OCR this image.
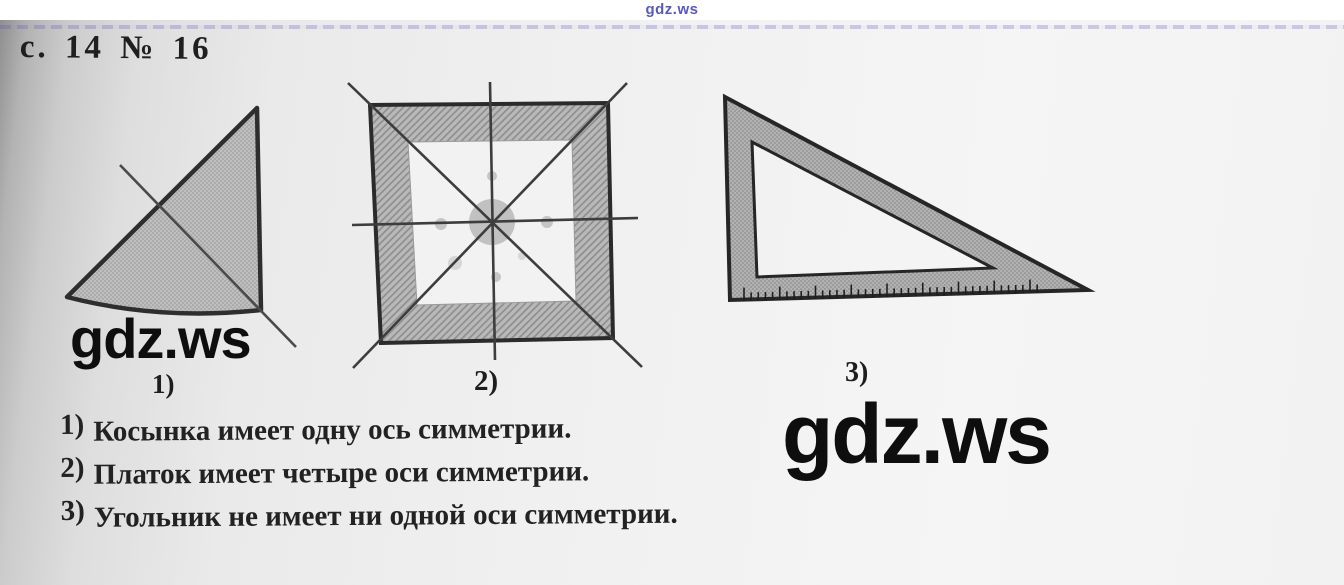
gdz.ws
с. 14 № 16
1)	2)	3)
gdz.ws
gdz.ws
1) Косынка имеет одну ось симметрии.
2) Платок имеет четыре оси симметрии.
3) Угольник не имеет ни одной оси симметрии.
